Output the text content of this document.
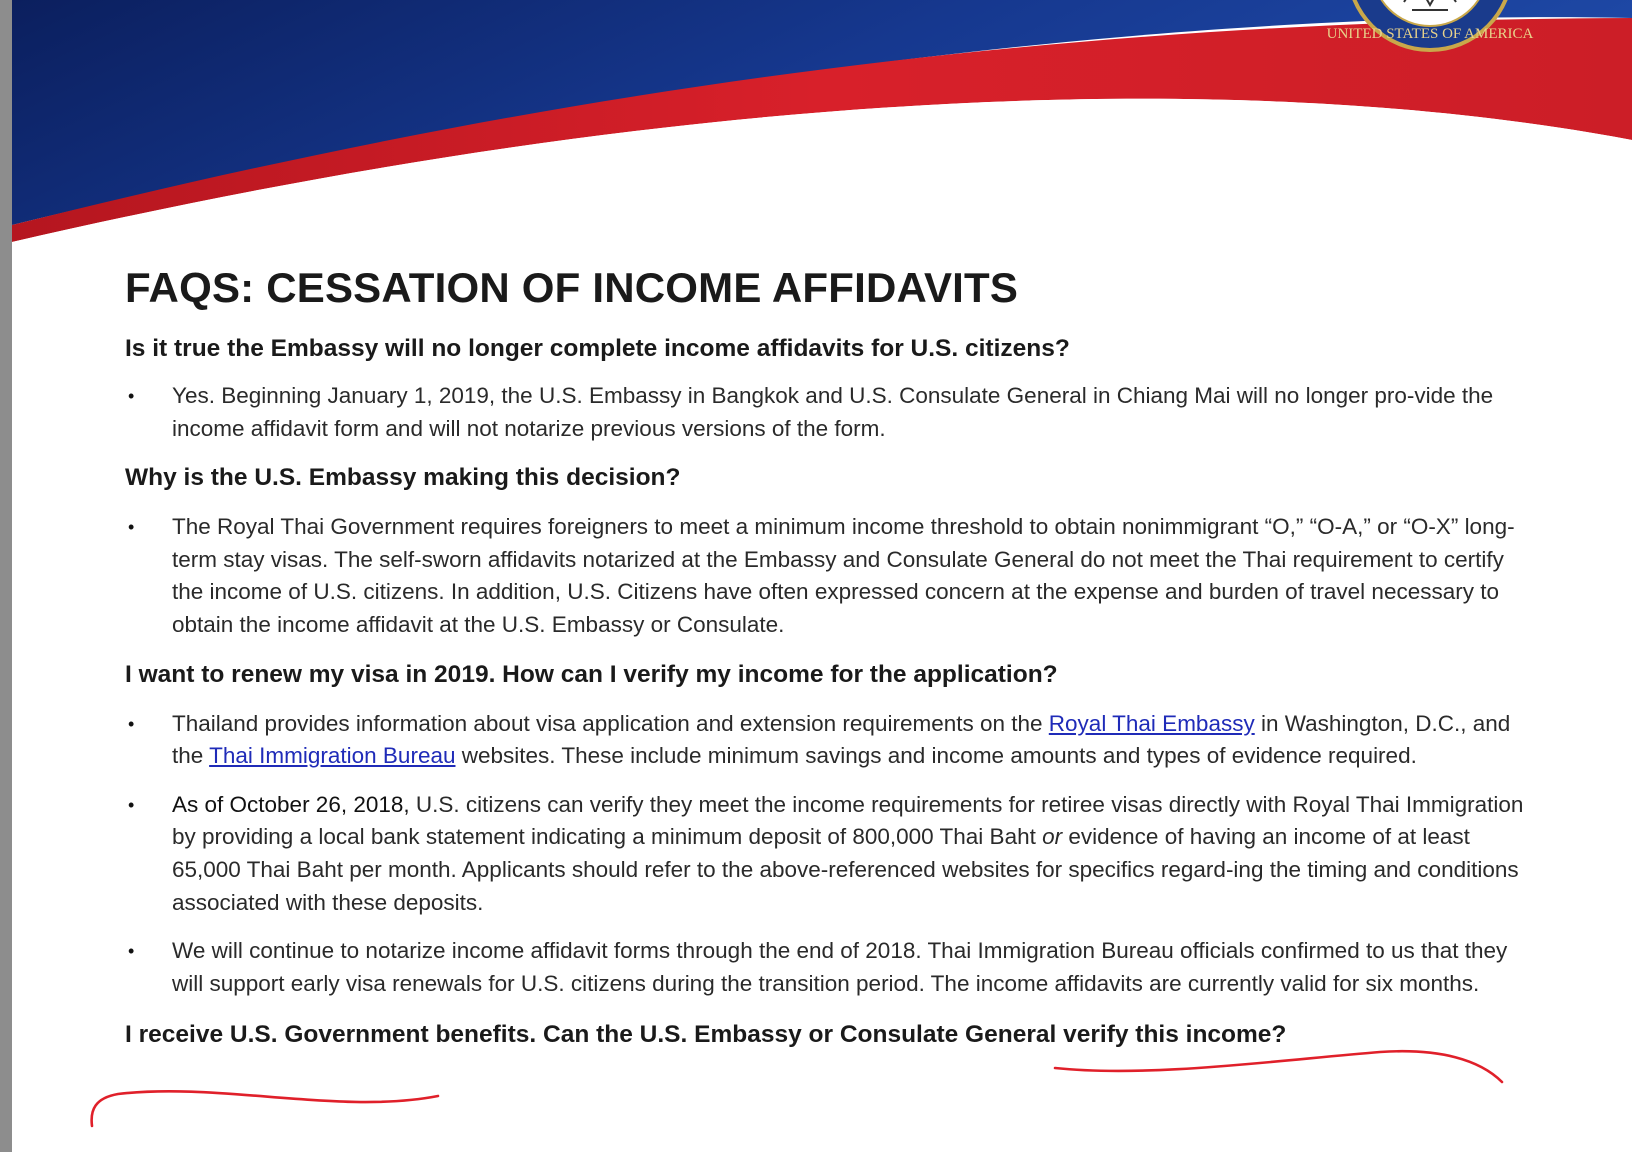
UNITED STATES OF AMERICA
FAQS: CESSATION OF INCOME AFFIDAVITS

Is it true the Embassy will no longer complete income affidavits for U.S. citizens?

• Yes. Beginning January 1, 2019, the U.S. Embassy in Bangkok and U.S. Consulate General in Chiang Mai will no longer pro-vide the income affidavit form and will not notarize previous versions of the form.

Why is the U.S. Embassy making this decision?

• The Royal Thai Government requires foreigners to meet a minimum income threshold to obtain nonimmigrant “O,” “O-A,” or “O-X” long-term stay visas. The self-sworn affidavits notarized at the Embassy and Consulate General do not meet the Thai requirement to certify the income of U.S. citizens. In addition, U.S. Citizens have often expressed concern at the expense and burden of travel necessary to obtain the income affidavit at the U.S. Embassy or Consulate.

I want to renew my visa in 2019. How can I verify my income for the application?

• Thailand provides information about visa application and extension requirements on the Royal Thai Embassy in Washington, D.C., and the Thai Immigration Bureau websites. These include minimum savings and income amounts and types of evidence required.
• As of October 26, 2018, U.S. citizens can verify they meet the income requirements for retiree visas directly with Royal Thai Immigration by providing a local bank statement indicating a minimum deposit of 800,000 Thai Baht or evidence of having an income of at least 65,000 Thai Baht per month. Applicants should refer to the above-referenced websites for specifics regard-ing the timing and conditions associated with these deposits.
• We will continue to notarize income affidavit forms through the end of 2018. Thai Immigration Bureau officials confirmed to us that they will support early visa renewals for U.S. citizens during the transition period. The income affidavits are currently valid for six months.

I receive U.S. Government benefits. Can the U.S. Embassy or Consulate General verify this income?
